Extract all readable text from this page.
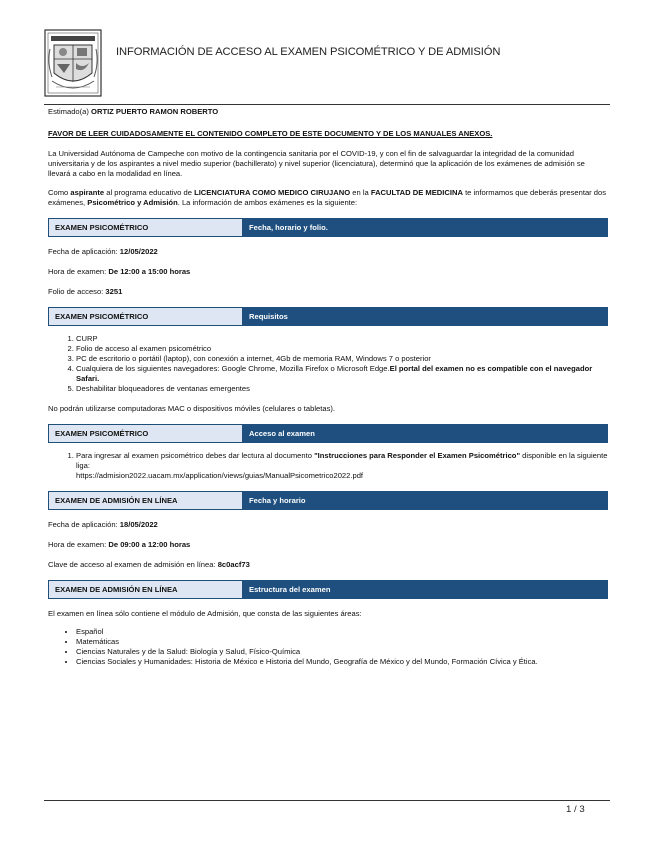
INFORMACIÓN DE ACCESO AL EXAMEN PSICOMÉTRICO Y DE ADMISIÓN

Estimado(a) ORTIZ PUERTO RAMON ROBERTO

FAVOR DE LEER CUIDADOSAMENTE EL CONTENIDO COMPLETO DE ESTE DOCUMENTO Y DE LOS MANUALES ANEXOS.

La Universidad Autónoma de Campeche con motivo de la contingencia sanitaria por el COVID-19, y con el fin de salvaguardar la integridad de la comunidad universitaria y de los aspirantes a nivel medio superior (bachillerato) y nivel superior (licenciatura), determinó que la aplicación de los exámenes de admisión se llevará a cabo en la modalidad en línea.

Como aspirante al programa educativo de LICENCIATURA COMO MEDICO CIRUJANO en la FACULTAD DE MEDICINA te informamos que deberás presentar dos exámenes, Psicométrico y Admisión. La información de ambos exámenes es la siguiente:

EXAMEN PSICOMÉTRICO	Fecha, horario y folio.

Fecha de aplicación: 12/05/2022

Hora de examen: De 12:00 a 15:00 horas

Folio de acceso: 3251

EXAMEN PSICOMÉTRICO	Requisitos
1. CURP
2. Folio de acceso al examen psicométrico
3. PC de escritorio o portátil (laptop), con conexión a internet, 4Gb de memoria RAM, Windows 7 o posterior
4. Cualquiera de los siguientes navegadores: Google Chrome, Mozilla Firefox o Microsoft Edge.El portal del examen no es compatible con el navegador Safari.
5. Deshabilitar bloqueadores de ventanas emergentes

No podrán utilizarse computadoras MAC o dispositivos móviles (celulares o tabletas).

EXAMEN PSICOMÉTRICO	Acceso al examen
1. Para ingresar al examen psicométrico debes dar lectura al documento "Instrucciones para Responder el Examen Psicométrico" disponible en la siguiente liga:
https://admision2022.uacam.mx/application/views/guias/ManualPsicometrico2022.pdf
EXAMEN DE ADMISIÓN EN LÍNEA	Fecha y horario

Fecha de aplicación: 18/05/2022

Hora de examen: De 09:00 a 12:00 horas

Clave de acceso al examen de admisión en línea: 8c0acf73

EXAMEN DE ADMISIÓN EN LÍNEA	Estructura del examen

El examen en línea sólo contiene el módulo de Admisión, que consta de las siguientes áreas:

• Español
• Matemáticas
• Ciencias Naturales y de la Salud: Biología y Salud, Físico-Química
• Ciencias Sociales y Humanidades: Historia de México e Historia del Mundo, Geografía de México y del Mundo, Formación Cívica y Ética.
1 / 3
